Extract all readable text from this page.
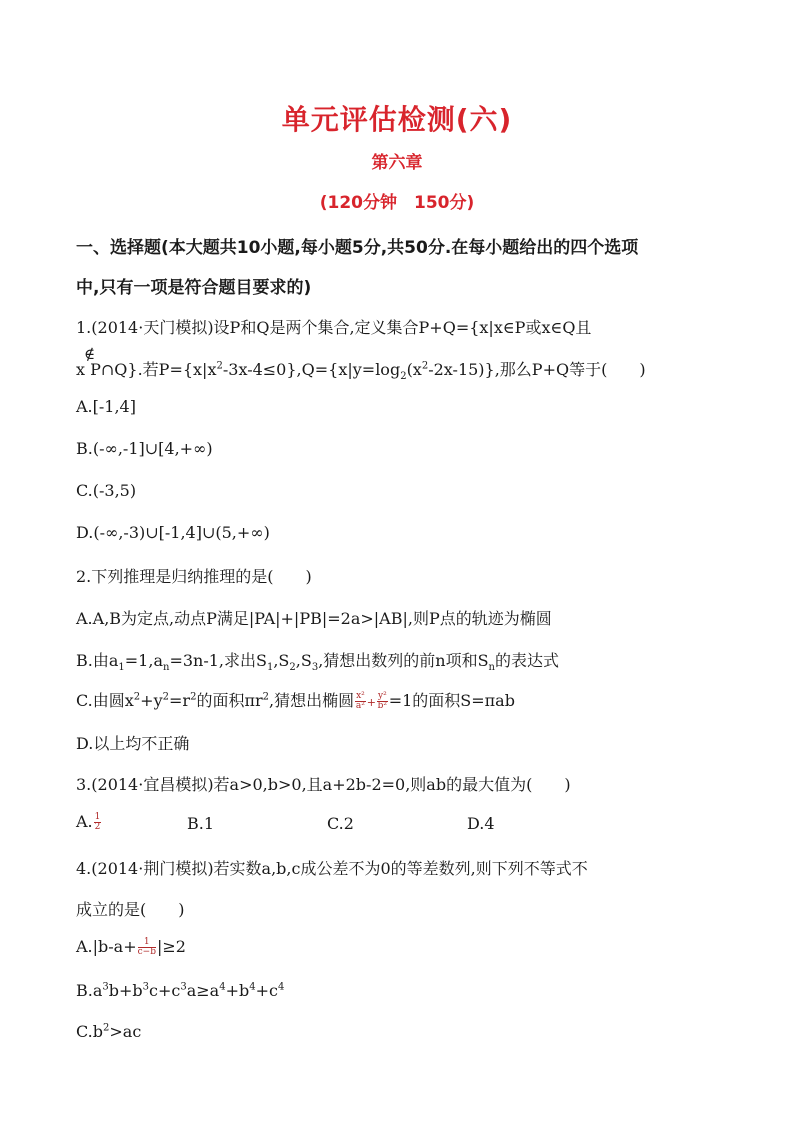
单元评估检测(六)
第六章
(120分钟　150分)
一、选择题(本大题共10小题,每小题5分,共50分.在每小题给出的四个选项
中,只有一项是符合题目要求的)
1.(2014·天门模拟)设P和Q是两个集合,定义集合P+Q={x|x∈P或x∈Q且
x
∉
P∩Q}.若$P=\{x|x^2-3x-4\le 0\},Q=\{x|y=\log_2(x^2-2x-15)\}$,那么P+Q等于(　　)
A.[-1,4]
B.(-∞,-1]∪[4,+∞)
C.(-3,5)
D.(-∞,-3)∪[-1,4]∪(5,+∞)
2.下列推理是归纳推理的是(　　)
A.A,B为定点,动点P满足|PA|+|PB|=2a>|AB|,则P点的轨迹为椭圆
B.由$a_1=1,a_n=3n-1$,求出$S_1,S_2,S_3$,猜想出数列的前n项和$S_n$的表达式
C.由圆$x^2+y^2=r^2$的面积$\pi r^2$,猜想出椭圆 $\frac{\text{x²}}{\text{a²}} + \frac{\text{y²}}{\text{b²}} =1$的面积S=πab
D.以上均不正确
3.(2014·宜昌模拟)若a>0,b>0,且a+2b-2=0,则ab的最大值为(　　)
A. $\frac{1}{2}$	B.1	C.2	D.4
4.(2014·荆门模拟)若实数a,b,c成公差不为0的等差数列,则下列不等式不
成立的是(　　)
$A.|b-a+ \frac{1}{c-b} |\ge 2$
$B.a^3b+b^3c+c^3a\ge a^4+b^4+c^4$
$C.b^2>ac$
